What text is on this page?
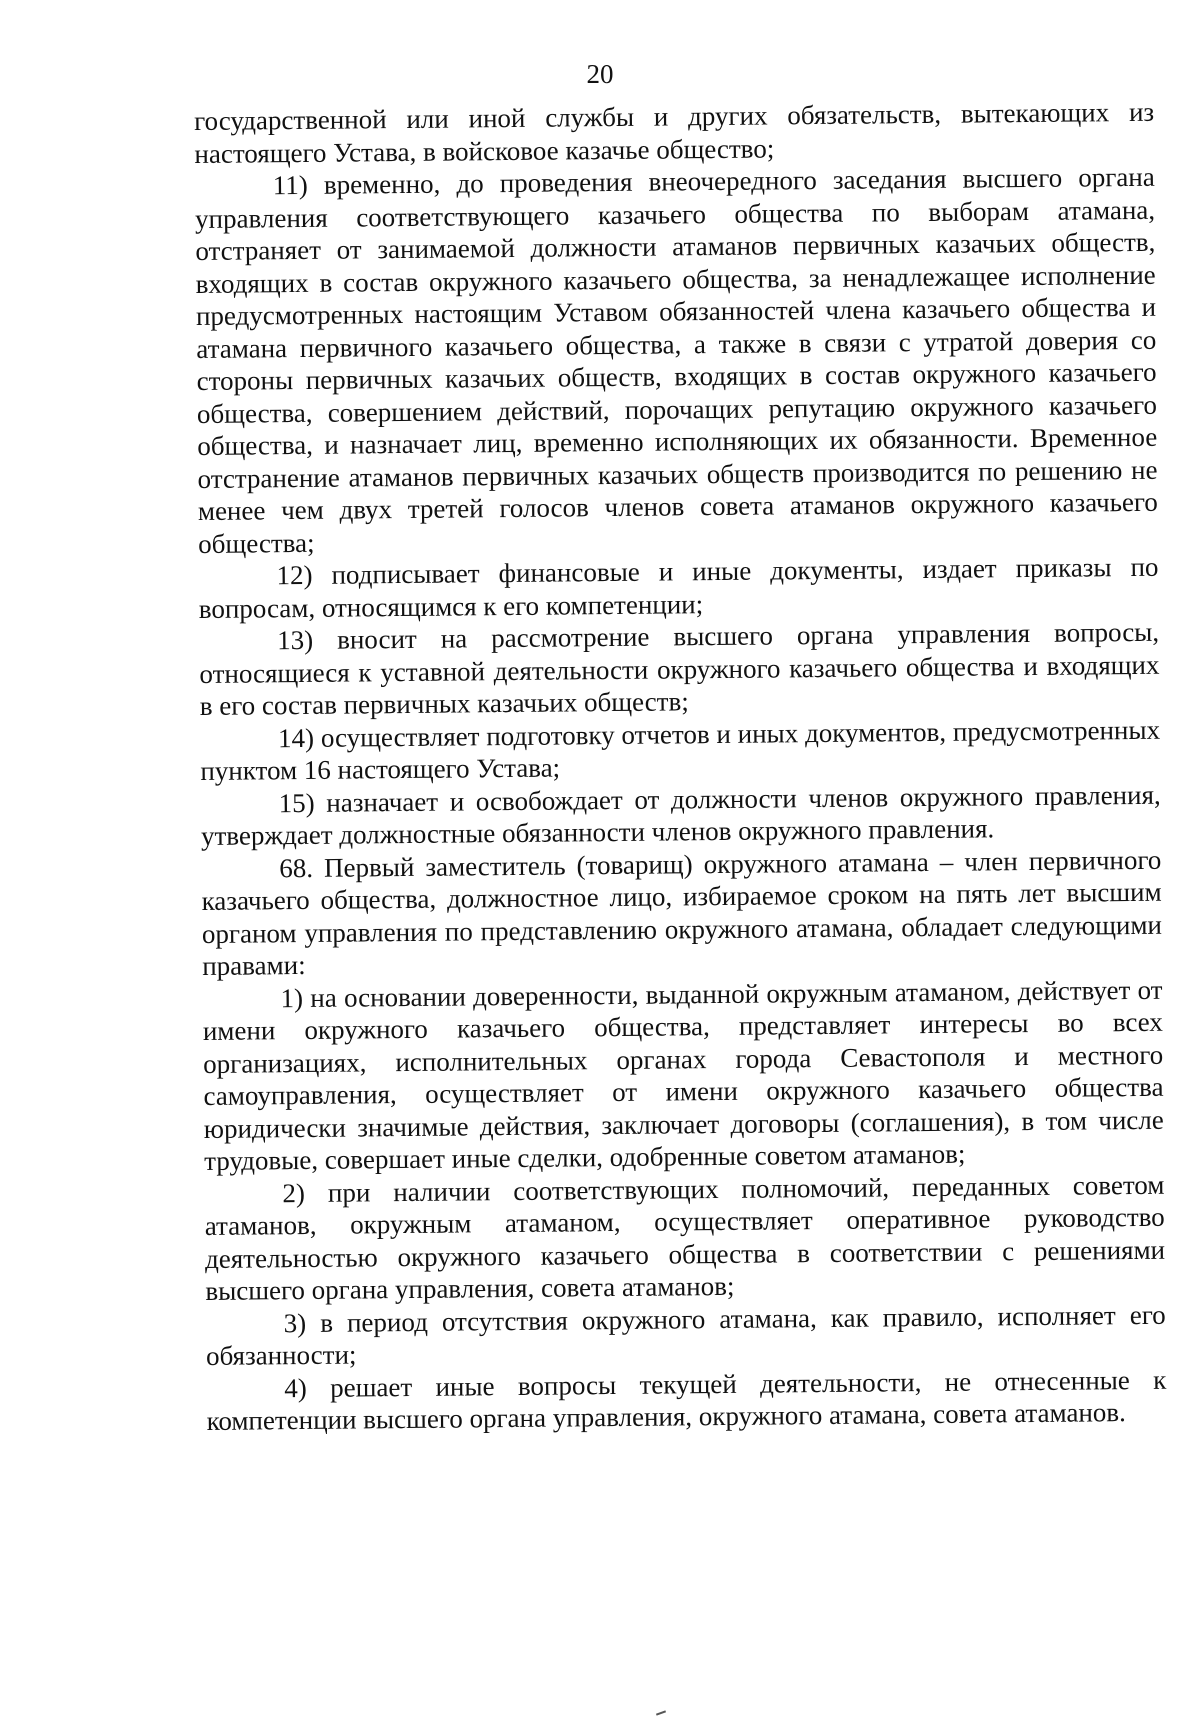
20

государственной или иной службы и других обязательств, вытекающих из настоящего Устава, в войсковое казачье общество;

11) временно, до проведения внеочередного заседания высшего органа управления соответствующего казачьего общества по выборам атамана, отстраняет от занимаемой должности атаманов первичных казачьих обществ, входящих в состав окружного казачьего общества, за ненадлежащее исполнение предусмотренных настоящим Уставом обязанностей члена казачьего общества и атамана первичного казачьего общества, а также в связи с утратой доверия со стороны первичных казачьих обществ, входящих в состав окружного казачьего общества, совершением действий, порочащих репутацию окружного казачьего общества, и назначает лиц, временно исполняющих их обязанности. Временное отстранение атаманов первичных казачьих обществ производится по решению не менее чем двух третей голосов членов совета атаманов окружного казачьего общества;

12) подписывает финансовые и иные документы, издает приказы по вопросам, относящимся к его компетенции;

13) вносит на рассмотрение высшего органа управления вопросы, относящиеся к уставной деятельности окружного казачьего общества и входящих в его состав первичных казачьих обществ;

14) осуществляет подготовку отчетов и иных документов, предусмотренных пунктом 16 настоящего Устава;

15) назначает и освобождает от должности членов окружного правления, утверждает должностные обязанности членов окружного правления.

68. Первый заместитель (товарищ) окружного атамана – член первичного казачьего общества, должностное лицо, избираемое сроком на пять лет высшим органом управления по представлению окружного атамана, обладает следующими правами:

1) на основании доверенности, выданной окружным атаманом, действует от имени окружного казачьего общества, представляет интересы во всех организациях, исполнительных органах города Севастополя и местного самоуправления, осуществляет от имени окружного казачьего общества юридически значимые действия, заключает договоры (соглашения), в том числе трудовые, совершает иные сделки, одобренные советом атаманов;

2) при наличии соответствующих полномочий, переданных советом атаманов, окружным атаманом, осуществляет оперативное руководство деятельностью окружного казачьего общества в соответствии с решениями высшего органа управления, совета атаманов;

3) в период отсутствия окружного атамана, как правило, исполняет его обязанности;

4) решает иные вопросы текущей деятельности, не отнесенные к компетенции высшего органа управления, окружного атамана, совета атаманов.
